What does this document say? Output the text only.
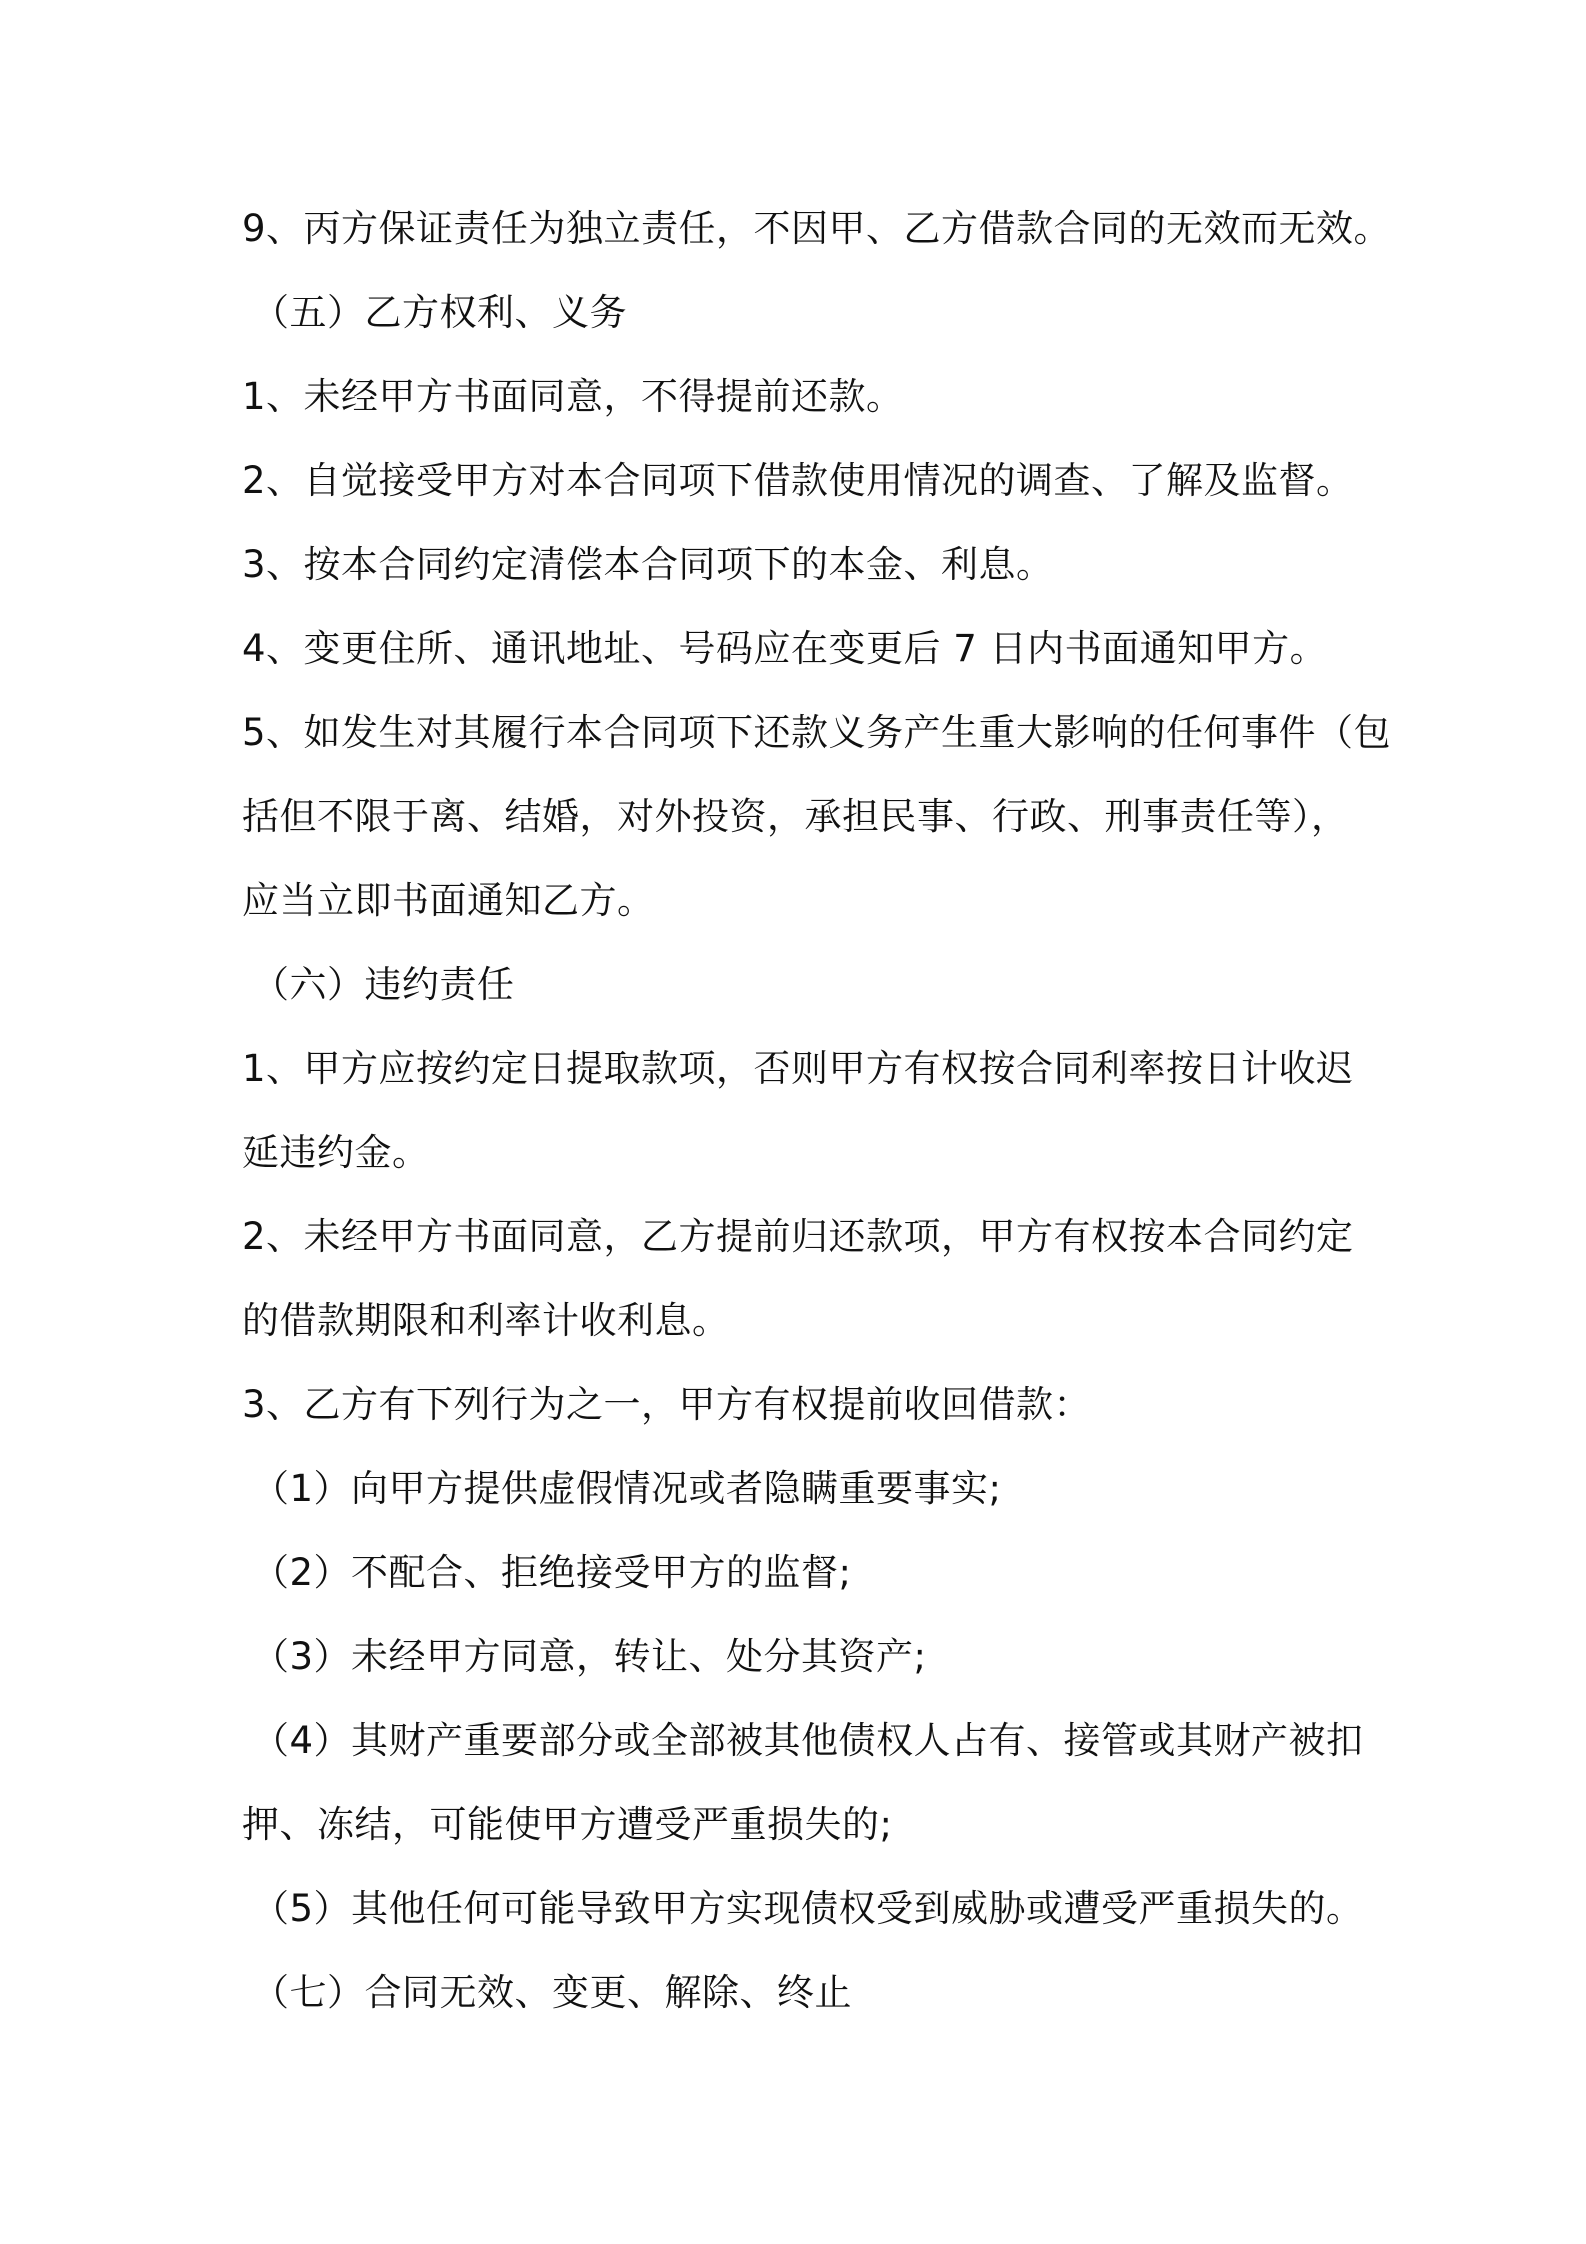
9、丙方保证责任为独立责任，不因甲、乙方借款合同的无效而无效。
（五）乙方权利、义务
1、未经甲方书面同意，不得提前还款。
2、自觉接受甲方对本合同项下借款使用情况的调查、了解及监督。
3、按本合同约定清偿本合同项下的本金、利息。
4、变更住所、通讯地址、号码应在变更后 7 日内书面通知甲方。
5、如发生对其履行本合同项下还款义务产生重大影响的任何事件（包
括但不限于离、结婚，对外投资，承担民事、行政、刑事责任等），
应当立即书面通知乙方。
（六）违约责任
1、甲方应按约定日提取款项，否则甲方有权按合同利率按日计收迟
延违约金。
2、未经甲方书面同意，乙方提前归还款项，甲方有权按本合同约定
的借款期限和利率计收利息。
3、乙方有下列行为之一，甲方有权提前收回借款：
（1）向甲方提供虚假情况或者隐瞒重要事实;
（2）不配合、拒绝接受甲方的监督;
（3）未经甲方同意，转让、处分其资产;
（4）其财产重要部分或全部被其他债权人占有、接管或其财产被扣
押、冻结，可能使甲方遭受严重损失的;
（5）其他任何可能导致甲方实现债权受到威胁或遭受严重损失的。
（七）合同无效、变更、解除、终止
